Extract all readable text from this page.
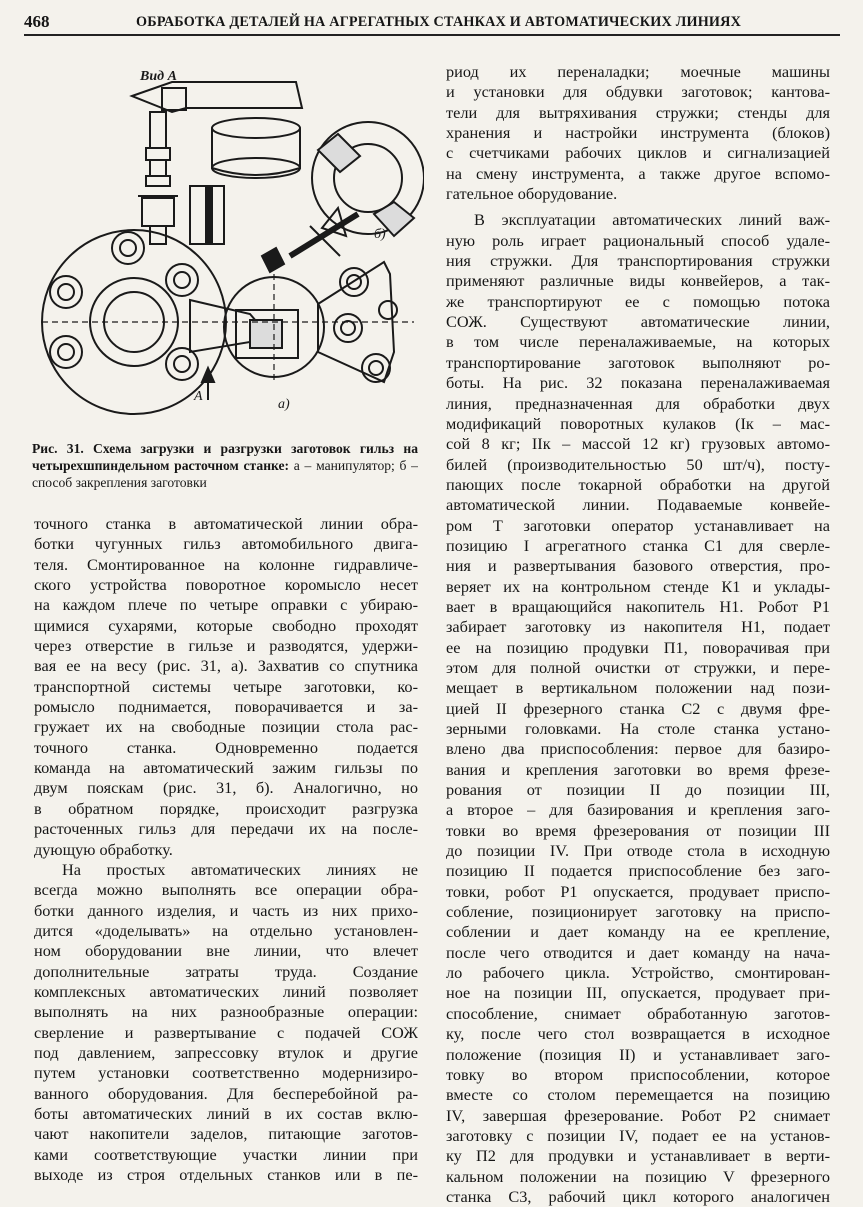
468	ОБРАБОТКА ДЕТАЛЕЙ НА АГРЕГАТНЫХ СТАНКАХ И АВТОМАТИЧЕСКИХ ЛИНИЯХ
Вид А
А
а)
б)
Рис. 31. Схема загрузки и разгрузки заготовок гильз на четырехшпиндельном расточном станке: а – манипулятор; б – способ закрепления заготовки

точного станка в автоматической линии обра-

ботки чугунных гильз автомобильного двига-

теля. Смонтированное на колонне гидравличе-

ского устройства поворотное коромысло несет

на каждом плече по четыре оправки с убираю-

щимися сухарями, которые свободно проходят

через отверстие в гильзе и разводятся, удержи-

вая ее на весу (рис. 31, а). Захватив со спутника

транспортной системы четыре заготовки, ко-

ромысло поднимается, поворачивается и за-

гружает их на свободные позиции стола рас-

точного станка. Одновременно подается

команда на автоматический зажим гильзы по

двум пояскам (рис. 31, б). Аналогично, но

в обратном порядке, происходит разгрузка

расточенных гильз для передачи их на после-

дующую обработку.

На простых автоматических линиях не

всегда можно выполнять все операции обра-

ботки данного изделия, и часть из них прихо-

дится «доделывать» на отдельно установлен-

ном оборудовании вне линии, что влечет

дополнительные затраты труда. Создание

комплексных автоматических линий позволяет

выполнять на них разнообразные операции:

сверление и развертывание с подачей СОЖ

под давлением, запрессовку втулок и другие

путем установки соответственно модернизиро-

ванного оборудования. Для бесперебойной ра-

боты автоматических линий в их состав вклю-

чают накопители заделов, питающие заготов-

ками соответствующие участки линии при

выходе из строя отдельных станков или в пе-

риод их переналадки; моечные машины

и установки для обдувки заготовок; кантова-

тели для вытряхивания стружки; стенды для

хранения и настройки инструмента (блоков)

с счетчиками рабочих циклов и сигнализацией

на смену инструмента, а также другое вспомо-

гательное оборудование.

В эксплуатации автоматических линий важ-

ную роль играет рациональный способ удале-

ния стружки. Для транспортирования стружки

применяют различные виды конвейеров, а так-

же транспортируют ее с помощью потока

СОЖ. Существуют автоматические линии,

в том числе переналаживаемые, на которых

транспортирование заготовок выполняют ро-

боты. На рис. 32 показана переналаживаемая

линия, предназначенная для обработки двух

модификаций поворотных кулаков (Iк – мас-

сой 8 кг; IIк – массой 12 кг) грузовых автомо-

билей (производительностью 50 шт/ч), посту-

пающих после токарной обработки на другой

автоматической линии. Подаваемые конвейе-

ром Т заготовки оператор устанавливает на

позицию I агрегатного станка С1 для сверле-

ния и развертывания базового отверстия, про-

веряет их на контрольном стенде К1 и уклады-

вает в вращающийся накопитель Н1. Робот Р1

забирает заготовку из накопителя Н1, подает

ее на позицию продувки П1, поворачивая при

этом для полной очистки от стружки, и пере-

мещает в вертикальном положении над пози-

цией II фрезерного станка С2 с двумя фре-

зерными головками. На столе станка устано-

влено два приспособления: первое для базиро-

вания и крепления заготовки во время фрезе-

рования от позиции II до позиции III,

а второе – для базирования и крепления заго-

товки во время фрезерования от позиции III

до позиции IV. При отводе стола в исходную

позицию II подается приспособление без заго-

товки, робот Р1 опускается, продувает приспо-

собление, позиционирует заготовку на приспо-

соблении и дает команду на ее крепление,

после чего отводится и дает команду на нача-

ло рабочего цикла. Устройство, смонтирован-

ное на позиции III, опускается, продувает при-

способление, снимает обработанную заготов-

ку, после чего стол возвращается в исходное

положение (позиция II) и устанавливает заго-

товку во втором приспособлении, которое

вместе со столом перемещается на позицию

IV, завершая фрезерование. Робот Р2 снимает

заготовку с позиции IV, подает ее на установ-

ку П2 для продувки и устанавливает в верти-

кальном положении на позицию V фрезерного

станка С3, рабочий цикл которого аналогичен
